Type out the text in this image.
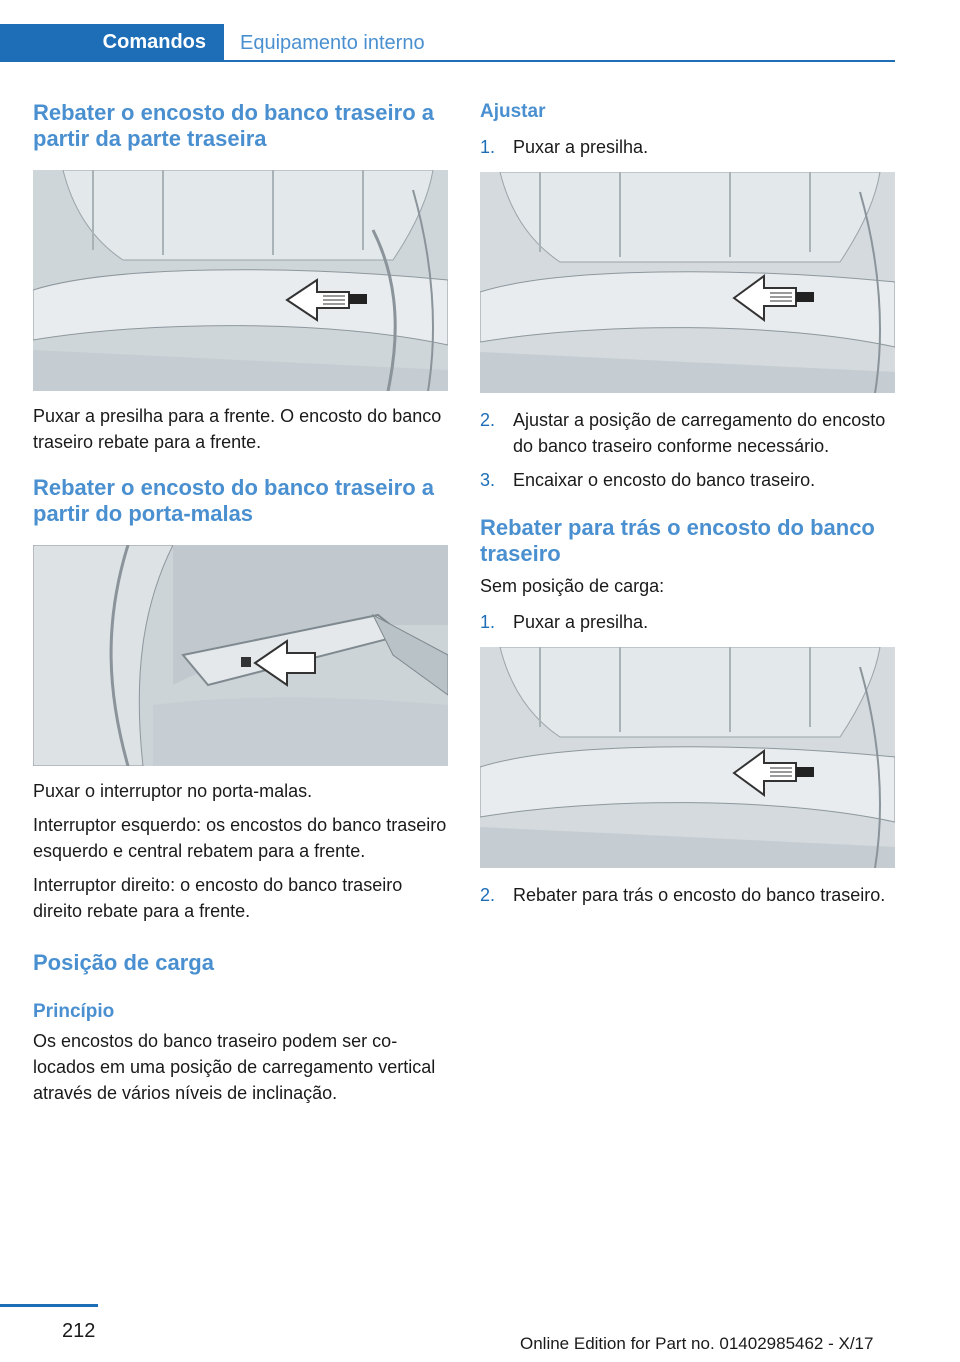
Comandos	Equipamento interno
Rebater o encosto do banco traseiro a partir da parte traseira

Puxar a presilha para a frente. O encosto do banco traseiro rebate para a frente.

Rebater o encosto do banco traseiro a partir do porta-malas

Puxar o interruptor no porta-malas.

Interruptor esquerdo: os encostos do banco traseiro esquerdo e central rebatem para a frente.

Interruptor direito: o encosto do banco traseiro direito rebate para a frente.

Posição de carga
Princípio

Os encostos do banco traseiro podem ser colocados em uma posição de carregamento vertical através de vários níveis de inclinação.

Ajustar
1. Puxar a presilha.
2. Ajustar a posição de carregamento do encosto do banco traseiro conforme necessário.
3. Encaixar o encosto do banco traseiro.
Rebater para trás o encosto do banco traseiro

Sem posição de carga:

1. Puxar a presilha.
2. Rebater para trás o encosto do banco traseiro.
212
Online Edition for Part no. 01402985462 - X/17
